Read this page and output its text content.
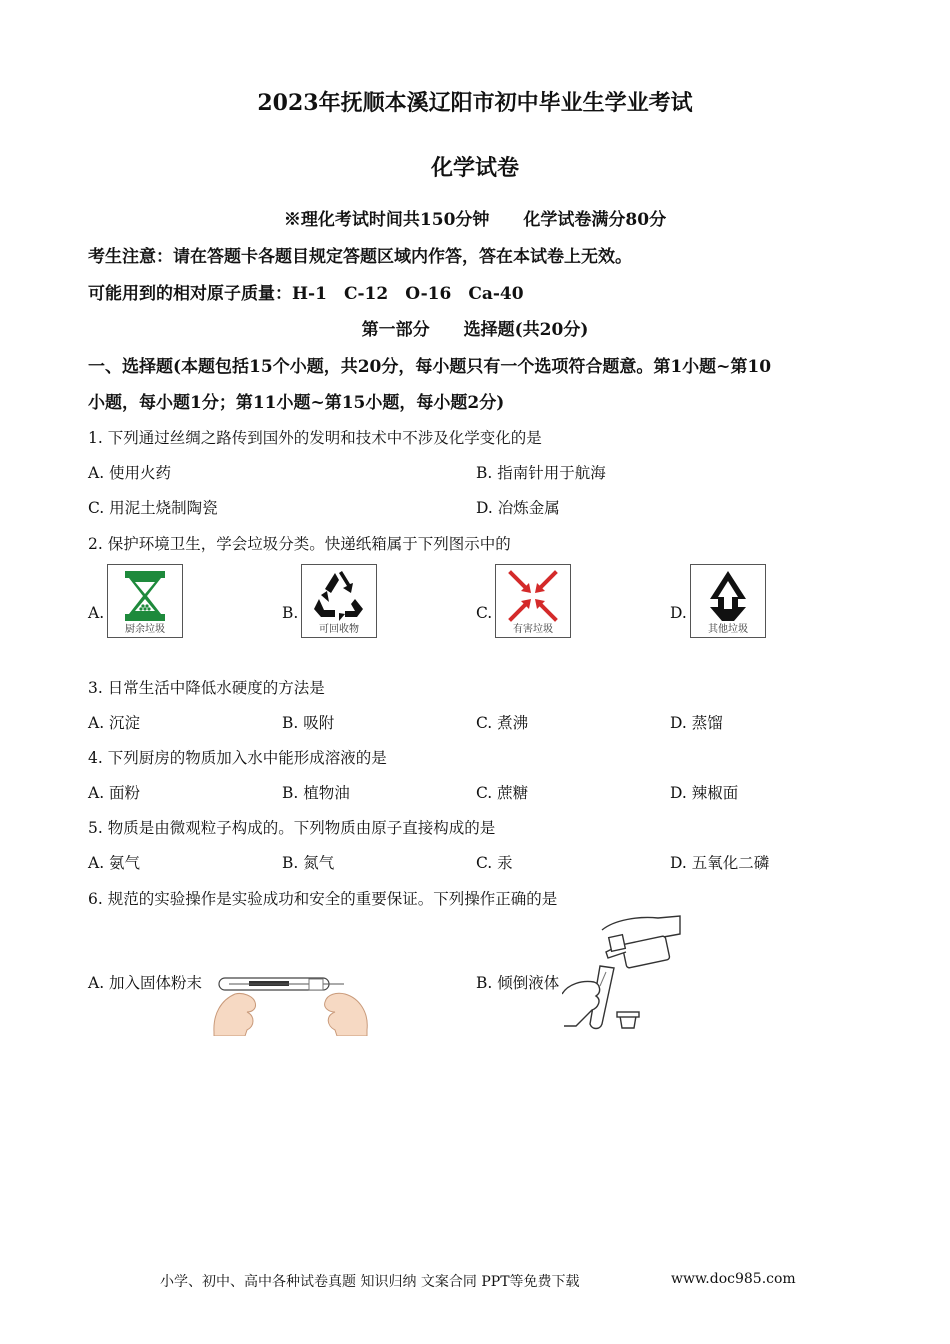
2023年抚顺本溪辽阳市初中毕业生学业考试
化学试卷
※理化考试时间共150分钟　　化学试卷满分80分
考生注意：请在答题卡各题目规定答题区域内作答，答在本试卷上无效。
可能用到的相对原子质量：H-1　C-12　O-16　Ca-40
第一部分　　选择题(共20分)
一、选择题(本题包括15个小题，共20分，每小题只有一个选项符合题意。第1小题~第10
小题，每小题1分；第11小题~第15小题，每小题2分)
1. 下列通过丝绸之路传到国外的发明和技术中不涉及化学变化的是
A. 使用火药	B. 指南针用于航海
C. 用泥土烧制陶瓷	D. 冶炼金属
2. 保护环境卫生，学会垃圾分类。快递纸箱属于下列图示中的
A.
厨余垃圾
B.
可回收物
C.
有害垃圾
D.
其他垃圾
3. 日常生活中降低水硬度的方法是
A. 沉淀	B. 吸附	C. 煮沸	D. 蒸馏
4. 下列厨房的物质加入水中能形成溶液的是
A. 面粉	B. 植物油	C. 蔗糖	D. 辣椒面
5. 物质是由微观粒子构成的。下列物质由原子直接构成的是
A. 氨气	B. 氮气	C. 汞	D. 五氧化二磷
6. 规范的实验操作是实验成功和安全的重要保证。下列操作正确的是
A. 加入固体粉末	B. 倾倒液体
小学、初中、高中各种试卷真题 知识归纳 文案合同 PPT等免费下载	www.doc985.com
